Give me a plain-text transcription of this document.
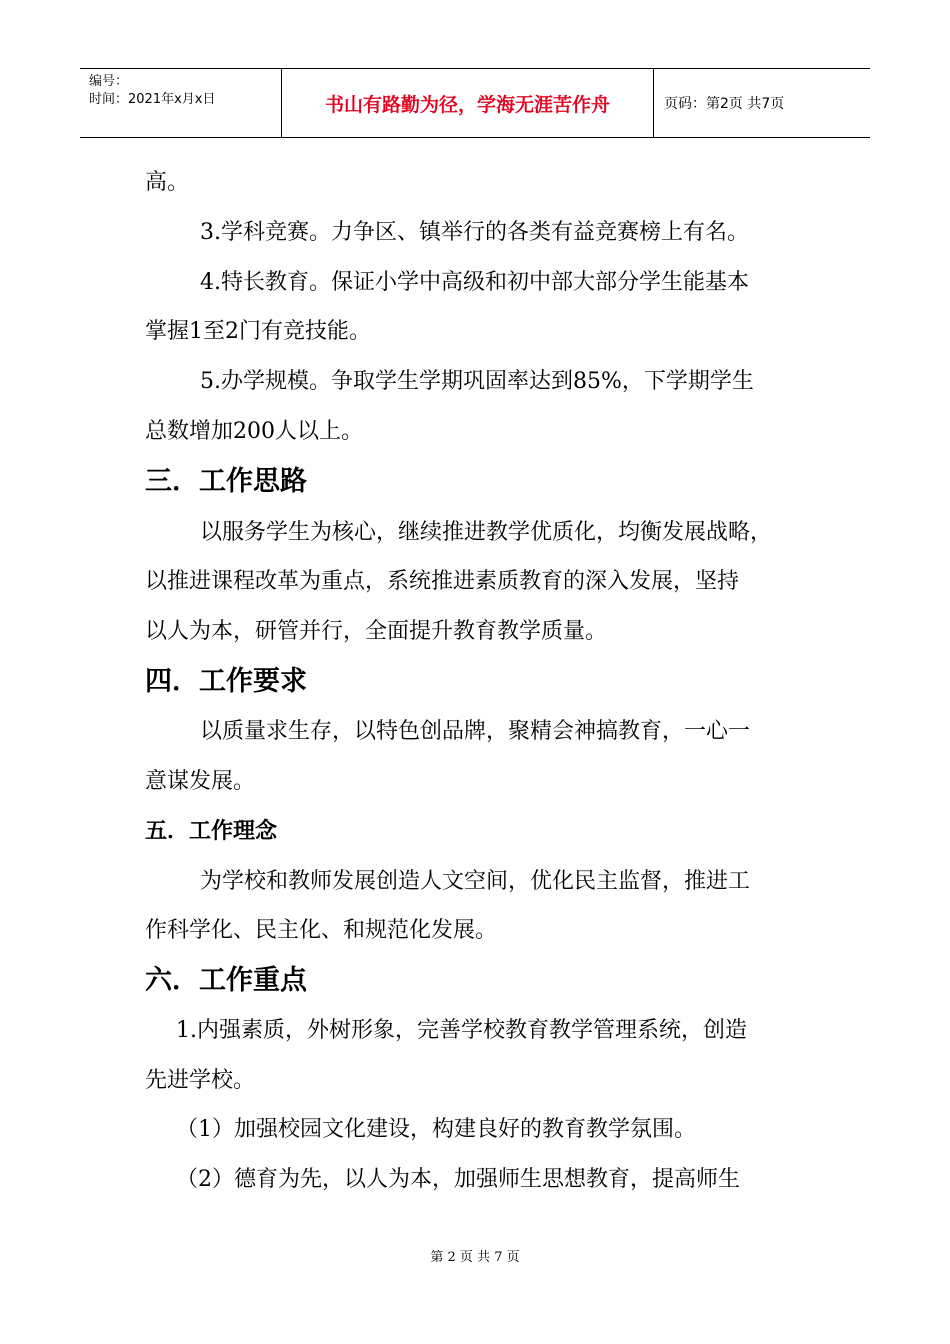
编号：
时间：2021年x月x日	书山有路勤为径，学海无涯苦作舟	页码：第2页 共7页
高。
3.学科竞赛。力争区、镇举行的各类有益竞赛榜上有名。
4.特长教育。保证小学中高级和初中部大部分学生能基本
掌握1至2门有竞技能。
5.办学规模。争取学生学期巩固率达到85%，下学期学生
总数增加200人以上。
三．工作思路
以服务学生为核心，继续推进教学优质化，均衡发展战略，
以推进课程改革为重点，系统推进素质教育的深入发展，坚持
以人为本，研管并行，全面提升教育教学质量。
四．工作要求
以质量求生存，以特色创品牌，聚精会神搞教育，一心一
意谋发展。
五．工作理念
为学校和教师发展创造人文空间，优化民主监督，推进工
作科学化、民主化、和规范化发展。
六．工作重点
1.内强素质，外树形象，完善学校教育教学管理系统，创造
先进学校。
（1）加强校园文化建设，构建良好的教育教学氛围。
（2）德育为先，以人为本，加强师生思想教育，提高师生
第 2 页 共 7 页
